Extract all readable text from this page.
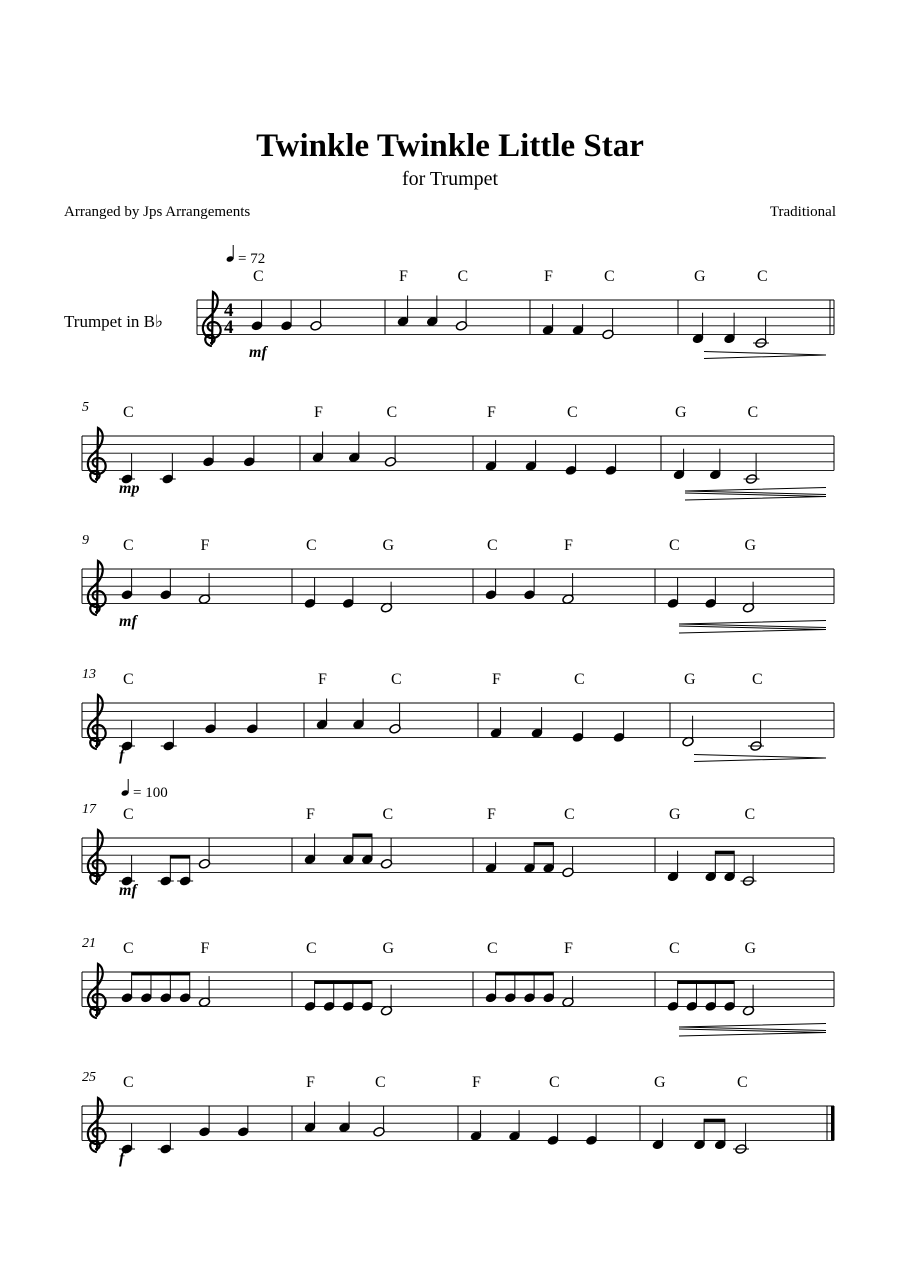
Twinkle Twinkle Little Star
for Trumpet
Arranged by Jps Arrangements	Traditional
Trumpet in B♭
4
4
= 72
C
mf
F	C	F	C	G	C
5 C
mp
F	C	F	C	G	C
9 C	F
mf
C	G	C	F	C	G
13 C
f
F	C	F	C	G	C
17
= 100
C
mf
F	C	F	C	G	C
21 C	F	C	G	C	F	C	G
25 C
f
F	C	F	C	G	C
